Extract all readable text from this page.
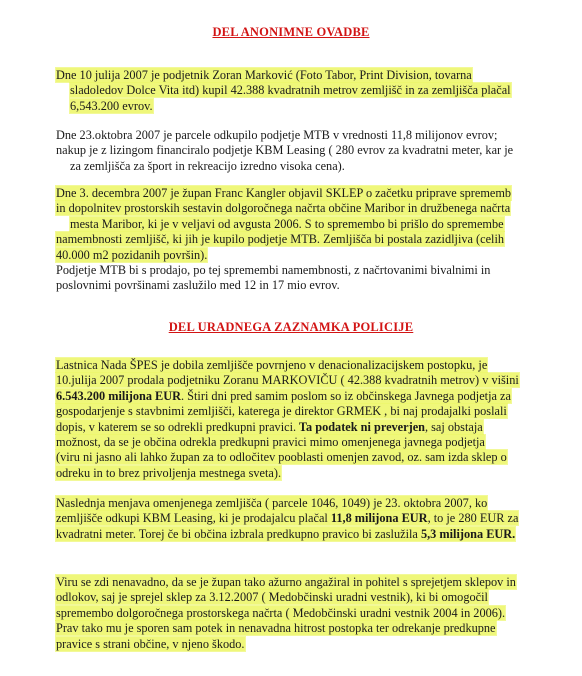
DEL ANONIMNE OVADBE
Dne 10 julija 2007 je podjetnik Zoran Marković (Foto Tabor, Print Division, tovarna
sladoledov Dolce Vita itd) kupil 42.388 kvadratnih metrov zemljišč in za zemljišča plačal
6,543.200 evrov.
Dne 23.oktobra 2007 je parcele odkupilo podjetje MTB v vrednosti 11,8 milijonov evrov;
nakup je z lizingom financiralo podjetje KBM Leasing ( 280 evrov za kvadratni meter, kar je
za zemljišča za šport in rekreacijo izredno visoka cena).
Dne 3. decembra 2007 je župan Franc Kangler objavil SKLEP o začetku priprave sprememb
in dopolnitev prostorskih sestavin dolgoročnega načrta občine Maribor in družbenega načrta
mesta Maribor, ki je v veljavi od avgusta 2006. S to spremembo bi prišlo do spremembe
namembnosti zemljišč, ki jih je kupilo podjetje MTB. Zemljišča bi postala zazidljiva (celih
40.000 m2 pozidanih površin).
Podjetje MTB bi s prodajo, po tej spremembi namembnosti, z načrtovanimi bivalnimi in
poslovnimi površinami zaslužilo med 12 in 17 mio evrov.
DEL URADNEGA ZAZNAMKA POLICIJE
Lastnica Nada ŠPES je dobila zemljišče povrnjeno v denacionalizacijskem postopku, je
10.julija 2007 prodala podjetniku Zoranu MARKOVIČU ( 42.388 kvadratnih metrov) v višini
6.543.200 milijona EUR. Štiri dni pred samim poslom so iz občinskega Javnega podjetja za
gospodarjenje s stavbnimi zemljišči, katerega je direktor GRMEK , bi naj prodajalki poslali
dopis, v katerem se so odrekli predkupni pravici. Ta podatek ni preverjen, saj obstaja
možnost, da se je občina odrekla predkupni pravici mimo omenjenega javnega podjetja
(viru ni jasno ali lahko župan za to odločitev pooblasti omenjen zavod, oz. sam izda sklep o
odreku in to brez privoljenja mestnega sveta).
Naslednja menjava omenjenega zemljišča ( parcele 1046, 1049) je 23. oktobra 2007, ko
zemljišče odkupi KBM Leasing, ki je prodajalcu plačal 11,8 milijona EUR, to je 280 EUR za
kvadratni meter. Torej če bi občina izbrala predkupno pravico bi zaslužila 5,3 milijona EUR.
Viru se zdi nenavadno, da se je župan tako ažurno angažiral in pohitel s sprejetjem sklepov in
odlokov, saj je sprejel sklep za 3.12.2007 ( Medobčinski uradni vestnik), ki bi omogočil
spremembo dolgoročnega prostorskega načrta ( Medobčinski uradni vestnik 2004 in 2006).
Prav tako mu je sporen sam potek in nenavadna hitrost postopka ter odrekanje predkupne
pravice s strani občine, v njeno škodo.
